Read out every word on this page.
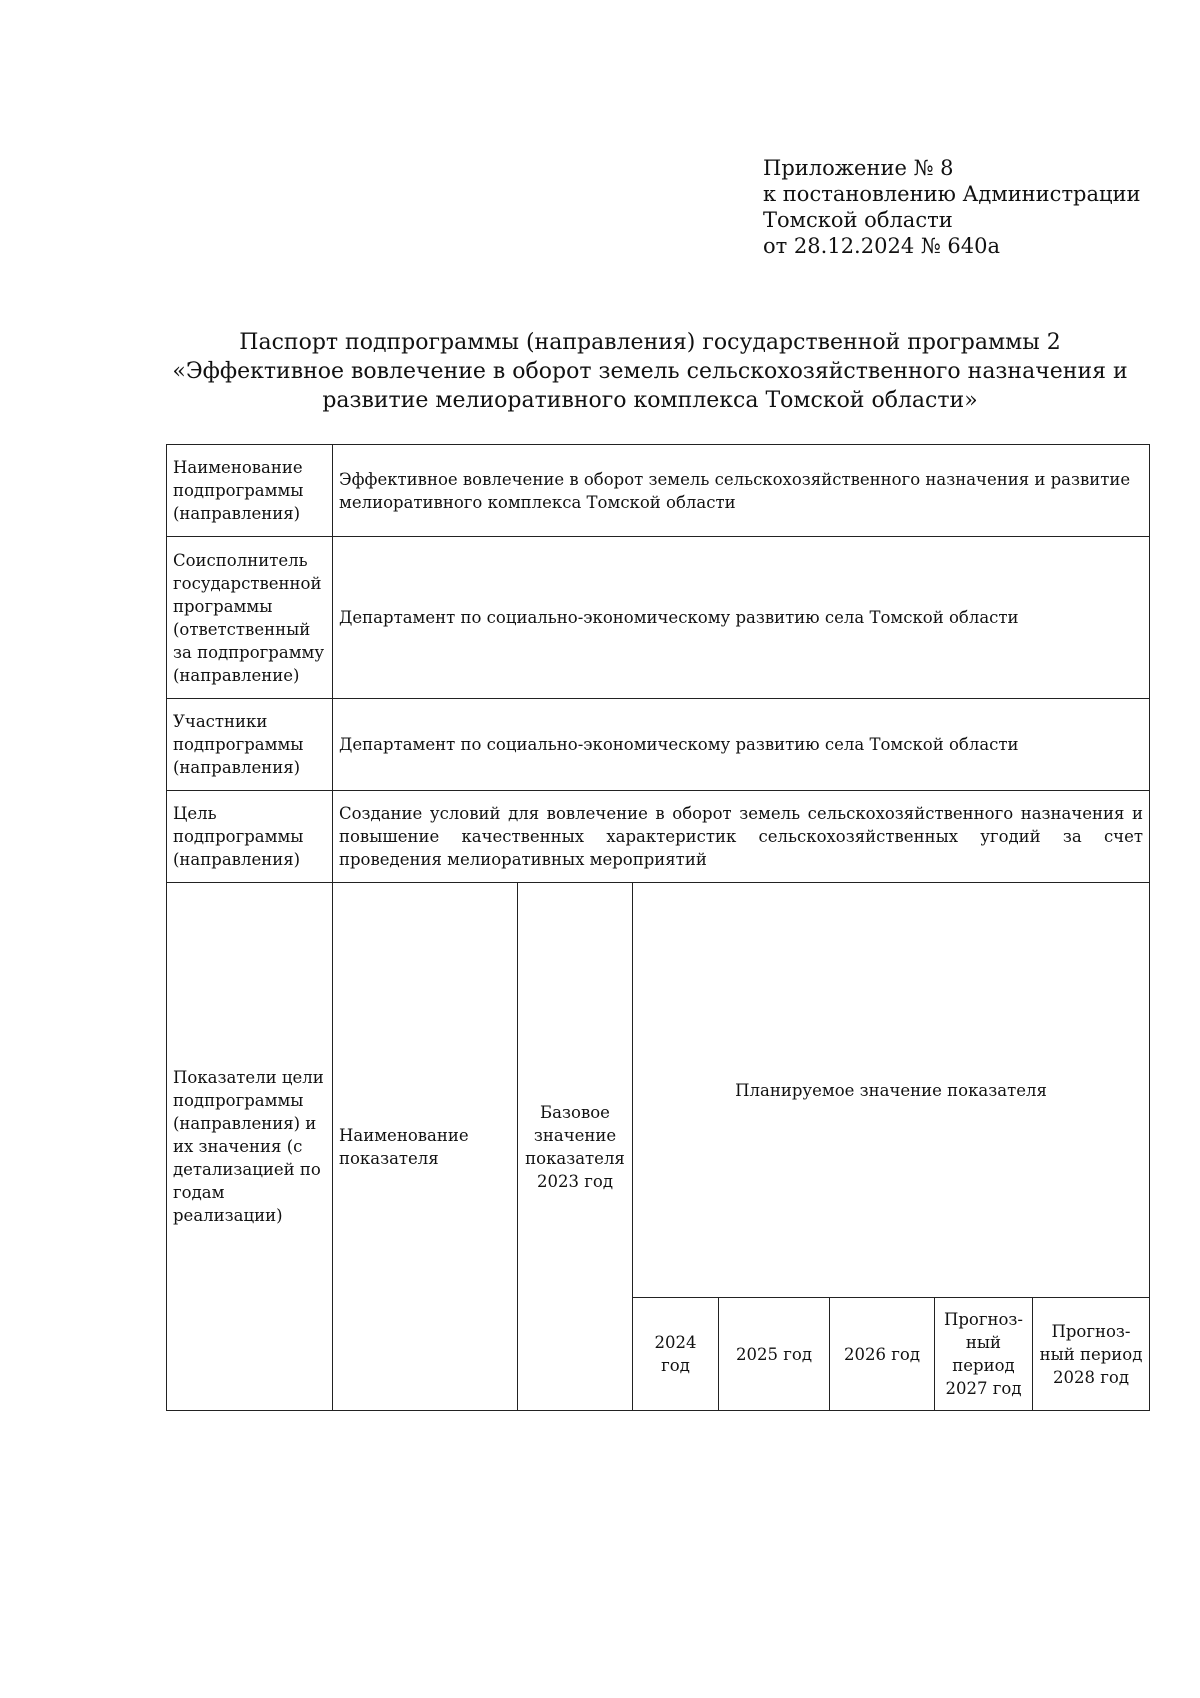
Приложение № 8
к постановлению Администрации
Томской области
от 28.12.2024 № 640а
Паспорт подпрограммы (направления) государственной программы 2
«Эффективное вовлечение в оборот земель сельскохозяйственного назначения и
развитие мелиоративного комплекса Томской области»
Наименование подпрограммы (направления)
Эффективное вовлечение в оборот земель сельскохозяйственного назначения и развитие мелиоративного комплекса Томской области
Соисполнитель государственной программы (ответственный за подпрограмму (направление)
Департамент по социально-экономическому развитию села Томской области
Участники подпрограммы (направления)
Департамент по социально-экономическому развитию села Томской области
Цель подпрограммы (направления)
Создание условий для вовлечение в оборот земель сельскохозяйственного назначения и повышение качественных характеристик сельскохозяйственных угодий за счет проведения мелиоративных мероприятий
Показатели цели подпрограммы (направления) и их значения (с детализацией по годам реализации)
Наименование показателя
Базовое значение показателя 2023 год
Планируемое значение показателя
2024 год
2025 год	2026 год
Прогноз-ный период 2027 год
Прогноз-ный период 2028 год
